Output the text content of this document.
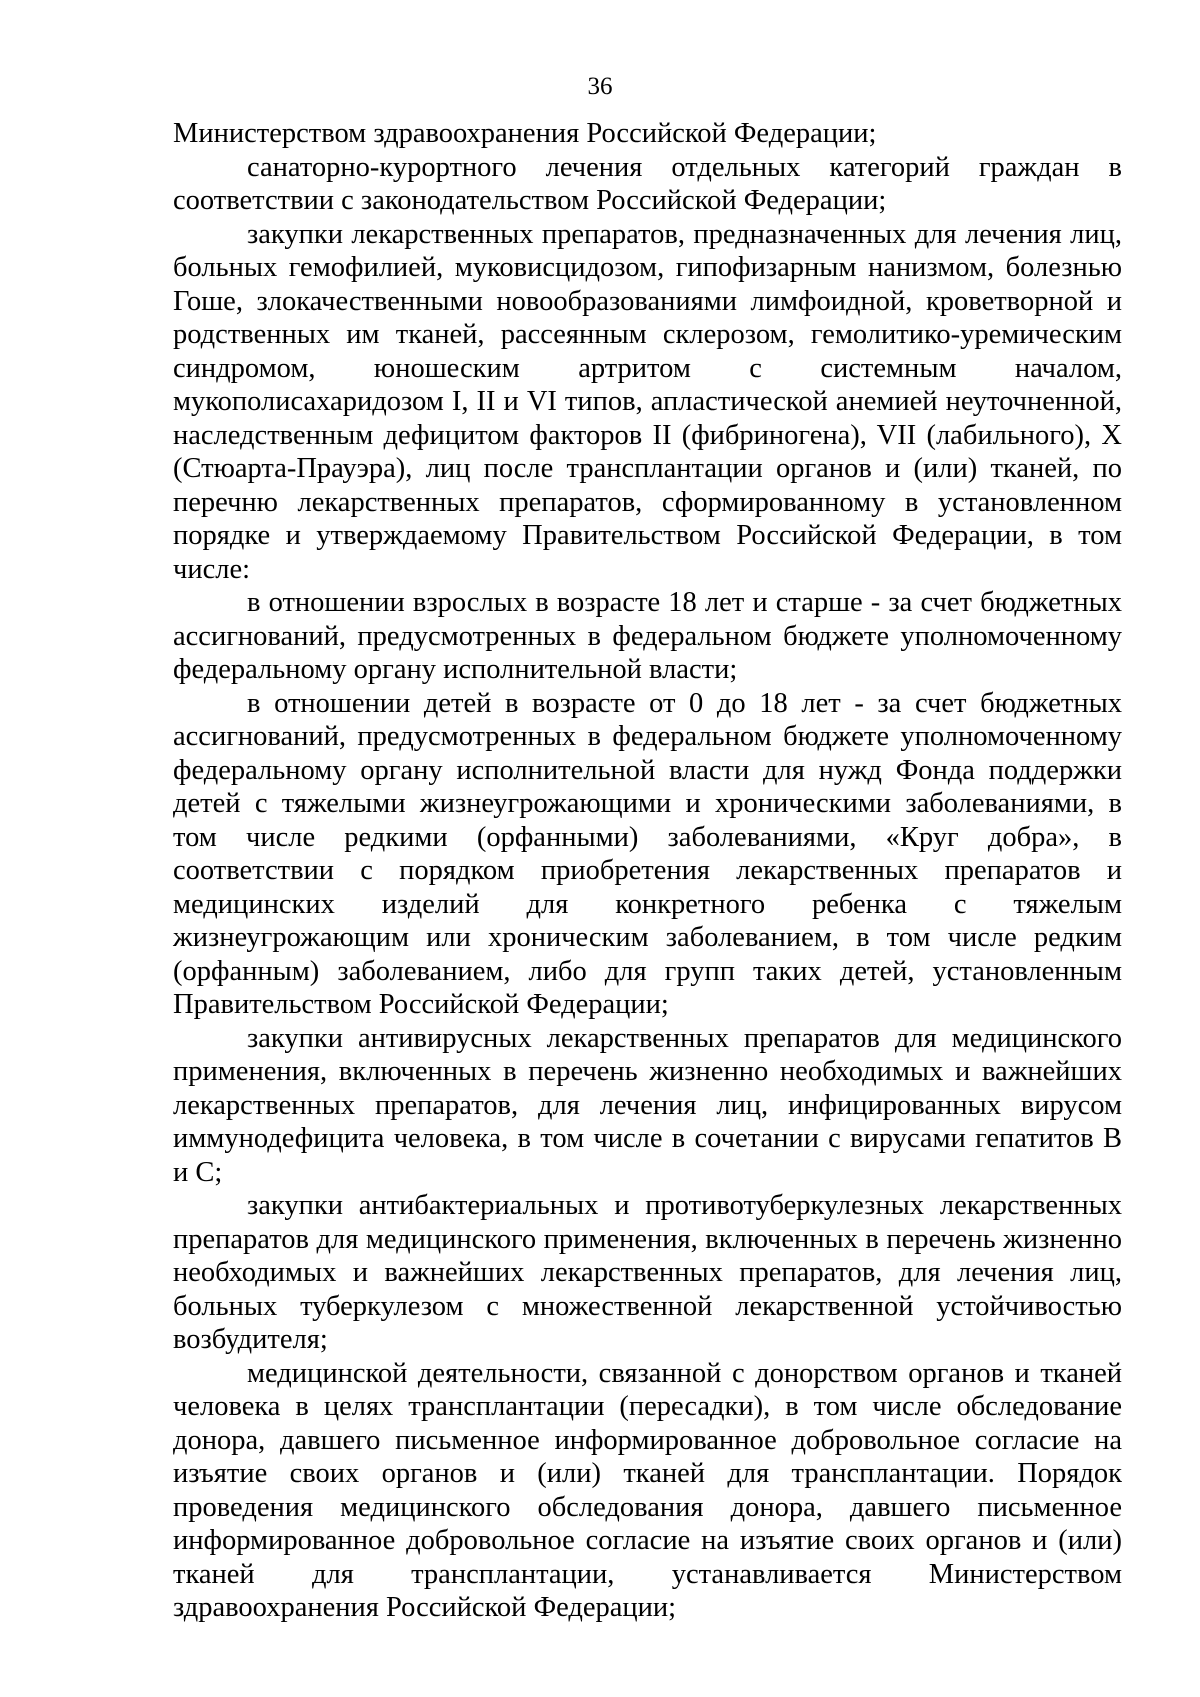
36

Министерством здравоохранения Российской Федерации;

санаторно-курортного лечения отдельных категорий граждан в соответствии с законодательством Российской Федерации;

закупки лекарственных препаратов, предназначенных для лечения лиц, больных гемофилией, муковисцидозом, гипофизарным нанизмом, болезнью Гоше, злокачественными новообразованиями лимфоидной, кроветворной и родственных им тканей, рассеянным склерозом, гемолитико-уремическим синдромом, юношеским артритом с системным началом, мукополисахаридозом I, II и VI типов, апластической анемией неуточненной, наследственным дефицитом факторов II (фибриногена), VII (лабильного), X (Стюарта-Прауэра), лиц после трансплантации органов и (или) тканей, по перечню лекарственных препаратов, сформированному в установленном порядке и утверждаемому Правительством Российской Федерации, в том числе:

в отношении взрослых в возрасте 18 лет и старше - за счет бюджетных ассигнований, предусмотренных в федеральном бюджете уполномоченному федеральному органу исполнительной власти;

в отношении детей в возрасте от 0 до 18 лет - за счет бюджетных ассигнований, предусмотренных в федеральном бюджете уполномоченному федеральному органу исполнительной власти для нужд Фонда поддержки детей с тяжелыми жизнеугрожающими и хроническими заболеваниями, в том числе редкими (орфанными) заболеваниями, «Круг добра», в соответствии с порядком приобретения лекарственных препаратов и медицинских изделий для конкретного ребенка с тяжелым жизнеугрожающим или хроническим заболеванием, в том числе редким (орфанным) заболеванием, либо для групп таких детей, установленным Правительством Российской Федерации;

закупки антивирусных лекарственных препаратов для медицинского применения, включенных в перечень жизненно необходимых и важнейших лекарственных препаратов, для лечения лиц, инфицированных вирусом иммунодефицита человека, в том числе в сочетании с вирусами гепатитов B и C;

закупки антибактериальных и противотуберкулезных лекарственных препаратов для медицинского применения, включенных в перечень жизненно необходимых и важнейших лекарственных препаратов, для лечения лиц, больных туберкулезом с множественной лекарственной устойчивостью возбудителя;

медицинской деятельности, связанной с донорством органов и тканей человека в целях трансплантации (пересадки), в том числе обследование донора, давшего письменное информированное добровольное согласие на изъятие своих органов и (или) тканей для трансплантации. Порядок проведения медицинского обследования донора, давшего письменное информированное добровольное согласие на изъятие своих органов и (или) тканей для трансплантации, устанавливается Министерством здравоохранения Российской Федерации;
